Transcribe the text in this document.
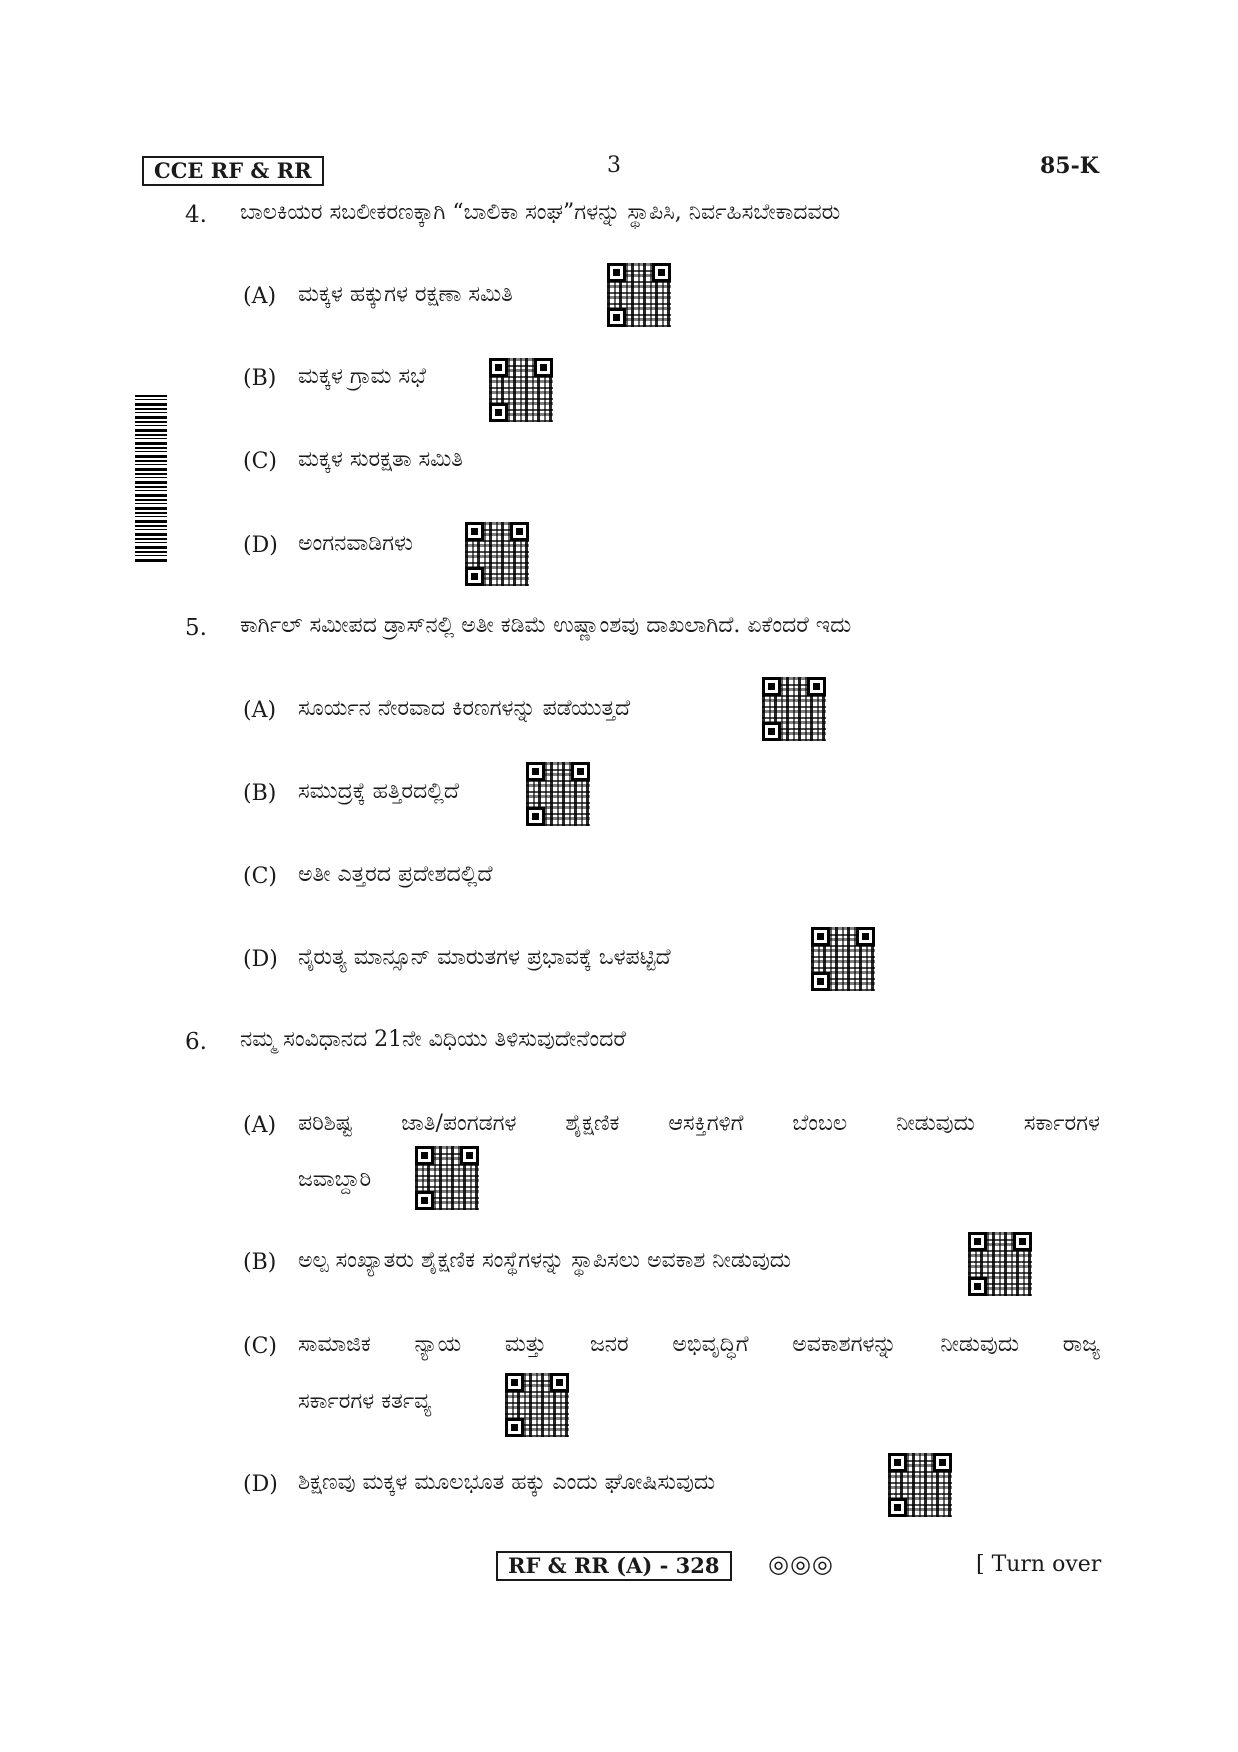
CCE RF & RR	3	85-K
4. ಬಾಲಕಿಯರ ಸಬಲೀಕರಣಕ್ಕಾಗಿ “ಬಾಲಿಕಾ ಸಂಘ”ಗಳನ್ನು ಸ್ಥಾಪಿಸಿ, ನಿರ್ವಹಿಸಬೇಕಾದವರು
(A) ಮಕ್ಕಳ ಹಕ್ಕುಗಳ ರಕ್ಷಣಾ ಸಮಿತಿ
(B) ಮಕ್ಕಳ ಗ್ರಾಮ ಸಭೆ
(C) ಮಕ್ಕಳ ಸುರಕ್ಷತಾ ಸಮಿತಿ
(D) ಅಂಗನವಾಡಿಗಳು
5. ಕಾರ್ಗಿಲ್ ಸಮೀಪದ ಡ್ರಾಸ್‌ನಲ್ಲಿ ಅತೀ ಕಡಿಮೆ ಉಷ್ಣಾಂಶವು ದಾಖಲಾಗಿದೆ. ಏಕೆಂದರೆ ಇದು
(A) ಸೂರ್ಯನ ನೇರವಾದ ಕಿರಣಗಳನ್ನು ಪಡೆಯುತ್ತದೆ
(B) ಸಮುದ್ರಕ್ಕೆ ಹತ್ತಿರದಲ್ಲಿದೆ
(C) ಅತೀ ಎತ್ತರದ ಪ್ರದೇಶದಲ್ಲಿದೆ
(D) ನೈರುತ್ಯ ಮಾನ್ಸೂನ್ ಮಾರುತಗಳ ಪ್ರಭಾವಕ್ಕೆ ಒಳಪಟ್ಟಿದೆ
6. ನಮ್ಮ ಸಂವಿಧಾನದ 21ನೇ ವಿಧಿಯು ತಿಳಿಸುವುದೇನೆಂದರೆ
(A) ಪರಿಶಿಷ್ಟ ಜಾತಿ/ಪಂಗಡಗಳ ಶೈಕ್ಷಣಿಕ ಆಸಕ್ತಿಗಳಿಗೆ ಬೆಂಬಲ ನೀಡುವುದು ಸರ್ಕಾರಗಳ
ಜವಾಬ್ದಾರಿ
(B) ಅಲ್ಪ ಸಂಖ್ಯಾತರು ಶೈಕ್ಷಣಿಕ ಸಂಸ್ಥೆಗಳನ್ನು ಸ್ಥಾಪಿಸಲು ಅವಕಾಶ ನೀಡುವುದು
(C) ಸಾಮಾಜಿಕ ನ್ಯಾಯ ಮತ್ತು ಜನರ ಅಭಿವೃದ್ಧಿಗೆ ಅವಕಾಶಗಳನ್ನು ನೀಡುವುದು ರಾಜ್ಯ
ಸರ್ಕಾರಗಳ ಕರ್ತವ್ಯ
(D) ಶಿಕ್ಷಣವು ಮಕ್ಕಳ ಮೂಲಭೂತ ಹಕ್ಕು ಎಂದು ಘೋಷಿಸುವುದು
RF & RR (A) - 328	◎◎◎	[ Turn over
